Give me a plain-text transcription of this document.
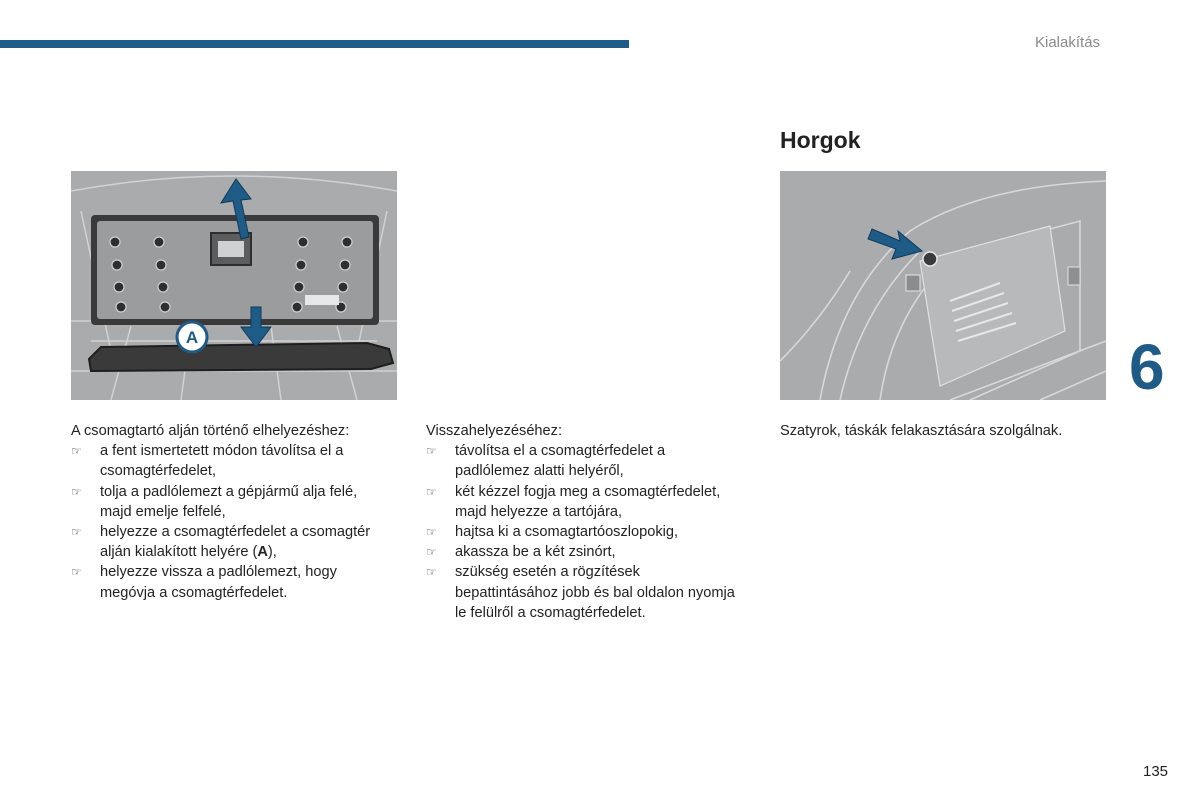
Kialakítás
Horgok
A	6

A csomagtartó alján történő elhelyezéshez:

☞ a fent ismertetett módon távolítsa el a
csomagtérfedelet,
☞ tolja a padlólemezt a gépjármű alja felé,
majd emelje felfelé,
☞ helyezze a csomagtérfedelet a csomagtér
alján kialakított helyére (A),
☞ helyezze vissza a padlólemezt, hogy
megóvja a csomagtérfedelet.

Visszahelyezéséhez:

☞ távolítsa el a csomagtérfedelet a
padlólemez alatti helyéről,
☞ két kézzel fogja meg a csomagtérfedelet,
majd helyezze a tartójára,
☞ hajtsa ki a csomagtartóoszlopokig,
☞ akassza be a két zsinórt,
☞ szükség esetén a rögzítések
bepattintásához jobb és bal oldalon nyomja
le felülről a csomagtérfedelet.

Szatyrok, táskák felakasztására szolgálnak.

135
